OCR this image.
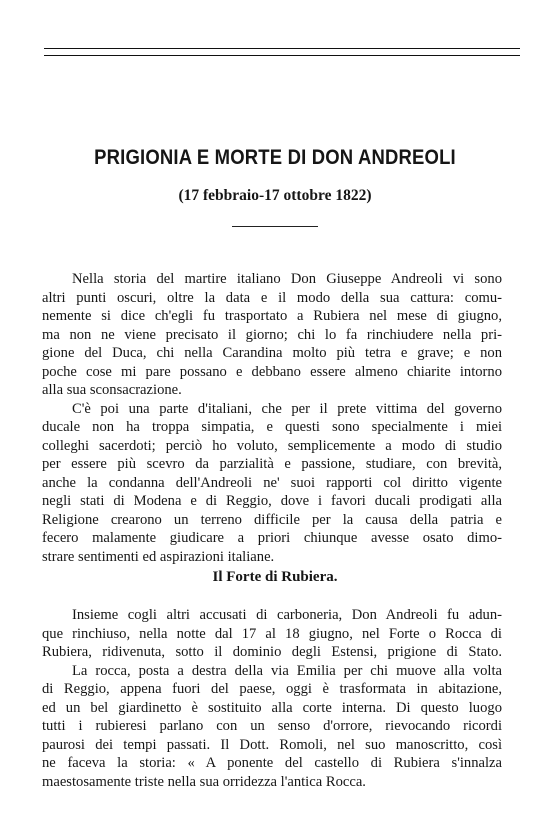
PRIGIONIA E MORTE DI DON ANDREOLI
(17 febbraio-17 ottobre 1822)
Nella storia del martire italiano Don Giuseppe Andreoli vi sono
altri punti oscuri, oltre la data e il modo della sua cattura: comu-
nemente si dice ch'egli fu trasportato a Rubiera nel mese di giugno,
ma non ne viene precisato il giorno; chi lo fa rinchiudere nella pri-
gione del Duca, chi nella Carandina molto più tetra e grave; e non
poche cose mi pare possano e debbano essere almeno chiarite intorno
alla sua sconsacrazione.
C'è poi una parte d'italiani, che per il prete vittima del governo
ducale non ha troppa simpatia, e questi sono specialmente i miei
colleghi sacerdoti; perciò ho voluto, semplicemente a modo di studio
per essere più scevro da parzialità e passione, studiare, con brevità,
anche la condanna dell'Andreoli ne' suoi rapporti col diritto vigente
negli stati di Modena e di Reggio, dove i favori ducali prodigati alla
Religione crearono un terreno difficile per la causa della patria e
fecero malamente giudicare a priori chiunque avesse osato dimo-
strare sentimenti ed aspirazioni italiane.
Il Forte di Rubiera.
Insieme cogli altri accusati di carboneria, Don Andreoli fu adun-
que rinchiuso, nella notte dal 17 al 18 giugno, nel Forte o Rocca di
Rubiera, ridivenuta, sotto il dominio degli Estensi, prigione di Stato.
La rocca, posta a destra della via Emilia per chi muove alla volta
di Reggio, appena fuori del paese, oggi è trasformata in abitazione,
ed un bel giardinetto è sostituito alla corte interna. Di questo luogo
tutti i rubieresi parlano con un senso d'orrore, rievocando ricordi
paurosi dei tempi passati. Il Dott. Romoli, nel suo manoscritto, così
ne faceva la storia: « A ponente del castello di Rubiera s'innalza
maestosamente triste nella sua orridezza l'antica Rocca.
